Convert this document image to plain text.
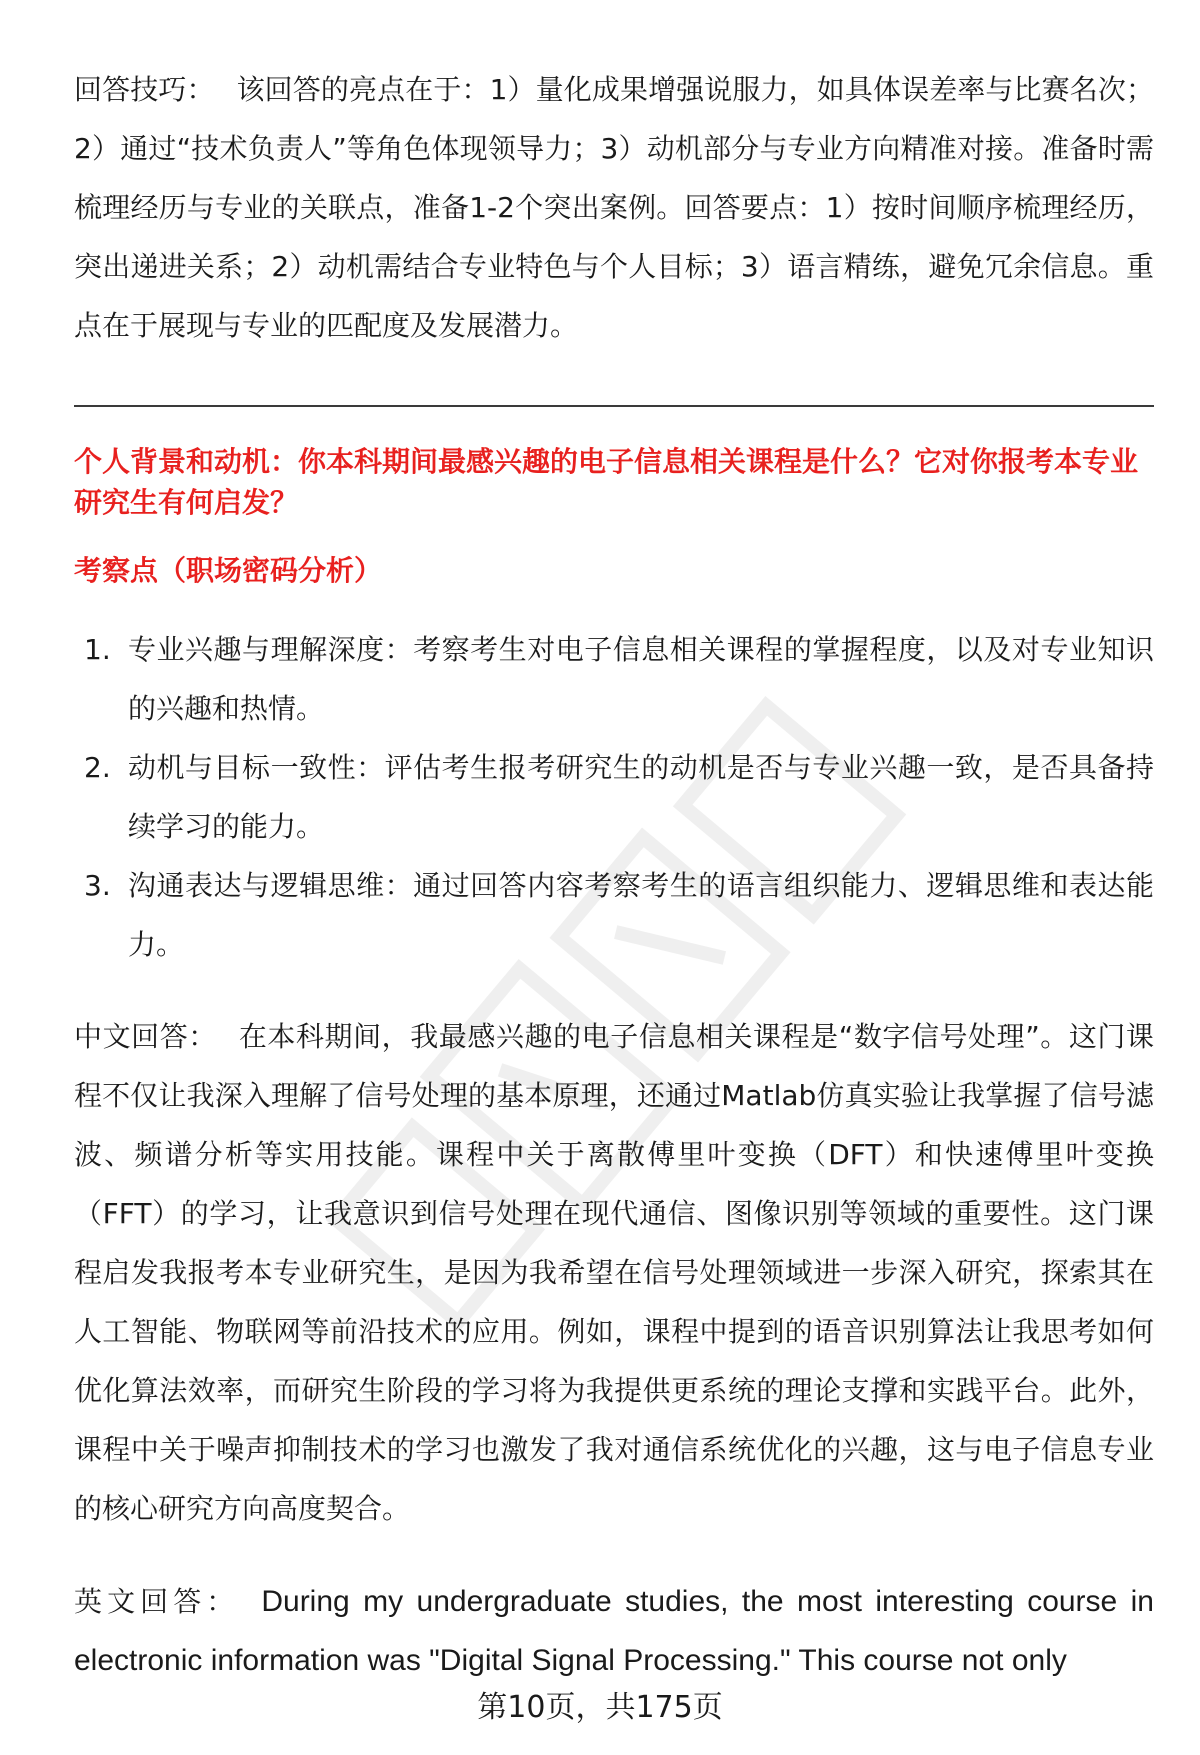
回答技巧： 该回答的亮点在于：1）量化成果增强说服力，如具体误差率与比赛名次；2）通过“技术负责人”等角色体现领导力；3）动机部分与专业方向精准对接。准备时需梳理经历与专业的关联点，准备1-2个突出案例。回答要点：1）按时间顺序梳理经历，突出递进关系；2）动机需结合专业特色与个人目标；3）语言精练，避免冗余信息。重点在于展现与专业的匹配度及发展潜力。

个人背景和动机：你本科期间最感兴趣的电子信息相关课程是什么？它对你报考本专业研究生有何启发？

考察点（职场密码分析）

1. 专业兴趣与理解深度：考察考生对电子信息相关课程的掌握程度，以及对专业知识的兴趣和热情。
2. 动机与目标一致性：评估考生报考研究生的动机是否与专业兴趣一致，是否具备持续学习的能力。
3. 沟通表达与逻辑思维：通过回答内容考察考生的语言组织能力、逻辑思维和表达能力。

中文回答： 在本科期间，我最感兴趣的电子信息相关课程是“数字信号处理”。这门课程不仅让我深入理解了信号处理的基本原理，还通过Matlab仿真实验让我掌握了信号滤波、频谱分析等实用技能。课程中关于离散傅里叶变换（DFT）和快速傅里叶变换（FFT）的学习，让我意识到信号处理在现代通信、图像识别等领域的重要性。这门课程启发我报考本专业研究生，是因为我希望在信号处理领域进一步深入研究，探索其在人工智能、物联网等前沿技术的应用。例如，课程中提到的语音识别算法让我思考如何优化算法效率，而研究生阶段的学习将为我提供更系统的理论支撑和实践平台。此外，课程中关于噪声抑制技术的学习也激发了我对通信系统优化的兴趣，这与电子信息专业的核心研究方向高度契合。

英文回答： During my undergraduate studies, the most interesting course in electronic information was "Digital Signal Processing." This course not only

第10页，共175页
